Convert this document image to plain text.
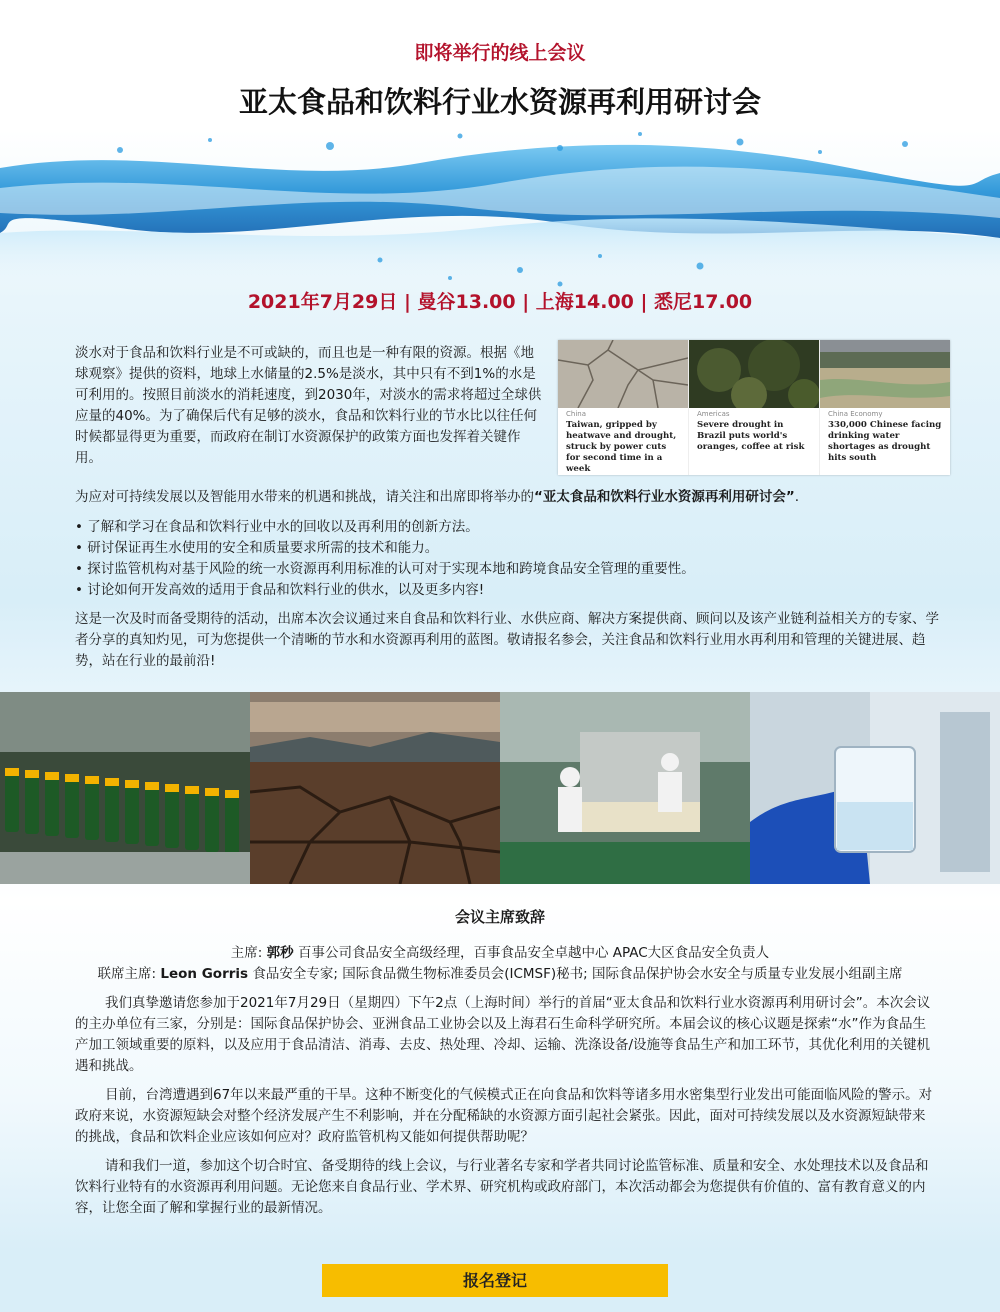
即将举行的线上会议
亚太食品和饮料行业水资源再利用研讨会
2021年7月29日 | 曼谷13.00 | 上海14.00 | 悉尼17.00
淡水对于食品和饮料行业是不可或缺的，而且也是一种有限的资源。根据《地球观察》提供的资料，地球上水储量的2.5%是淡水，其中只有不到1%的水是可利用的。按照目前淡水的消耗速度，到2030年，对淡水的需求将超过全球供应量的40%。为了确保后代有足够的淡水，食品和饮料行业的节水比以往任何时候都显得更为重要，而政府在制订水资源保护的政策方面也发挥着关键作用。
China
Taiwan, gripped by heatwave and drought, struck by power cuts for second time in a week
Americas
Severe drought in Brazil puts world's oranges, coffee at risk
China Economy
330,000 Chinese facing drinking water shortages as drought hits south
为应对可持续发展以及智能用水带来的机遇和挑战，请关注和出席即将举办的“亚太食品和饮料行业水资源再利用研讨会”.
• 了解和学习在食品和饮料行业中水的回收以及再利用的创新方法。
• 研讨保证再生水使用的安全和质量要求所需的技术和能力。
• 探讨监管机构对基于风险的统一水资源再利用标准的认可对于实现本地和跨境食品安全管理的重要性。
• 讨论如何开发高效的适用于食品和饮料行业的供水，以及更多内容!
这是一次及时而备受期待的活动，出席本次会议通过来自食品和饮料行业、水供应商、解决方案提供商、顾问以及该产业链利益相关方的专家、学者分享的真知灼见，可为您提供一个清晰的节水和水资源再利用的蓝图。敬请报名参会，关注食品和饮料行业用水再利用和管理的关键进展、趋势，站在行业的最前沿!
会议主席致辞
主席: 郭秒 百事公司食品安全高级经理，百事食品安全卓越中心 APAC大区食品安全负责人
联席主席: Leon Gorris 食品安全专家; 国际食品微生物标准委员会(ICMSF)秘书; 国际食品保护协会水安全与质量专业发展小组副主席
我们真挚邀请您参加于2021年7月29日（星期四）下午2点（上海时间）举行的首届“亚太食品和饮料行业水资源再利用研讨会”。本次会议的主办单位有三家，分别是：国际食品保护协会、亚洲食品工业协会以及上海君石生命科学研究所。本届会议的核心议题是探索“水”作为食品生产加工领域重要的原料，以及应用于食品清洁、消毒、去皮、热处理、冷却、运输、洗涤设备/设施等食品生产和加工环节，其优化利用的关键机遇和挑战。
目前，台湾遭遇到67年以来最严重的干旱。这种不断变化的气候模式正在向食品和饮料等诸多用水密集型行业发出可能面临风险的警示。对政府来说，水资源短缺会对整个经济发展产生不利影响，并在分配稀缺的水资源方面引起社会紧张。因此，面对可持续发展以及水资源短缺带来的挑战，食品和饮料企业应该如何应对？政府监管机构又能如何提供帮助呢？
请和我们一道，参加这个切合时宜、备受期待的线上会议，与行业著名专家和学者共同讨论监管标准、质量和安全、水处理技术以及食品和饮料行业特有的水资源再利用问题。无论您来自食品行业、学术界、研究机构或政府部门，本次活动都会为您提供有价值的、富有教育意义的内容，让您全面了解和掌握行业的最新情况。
报名登记
